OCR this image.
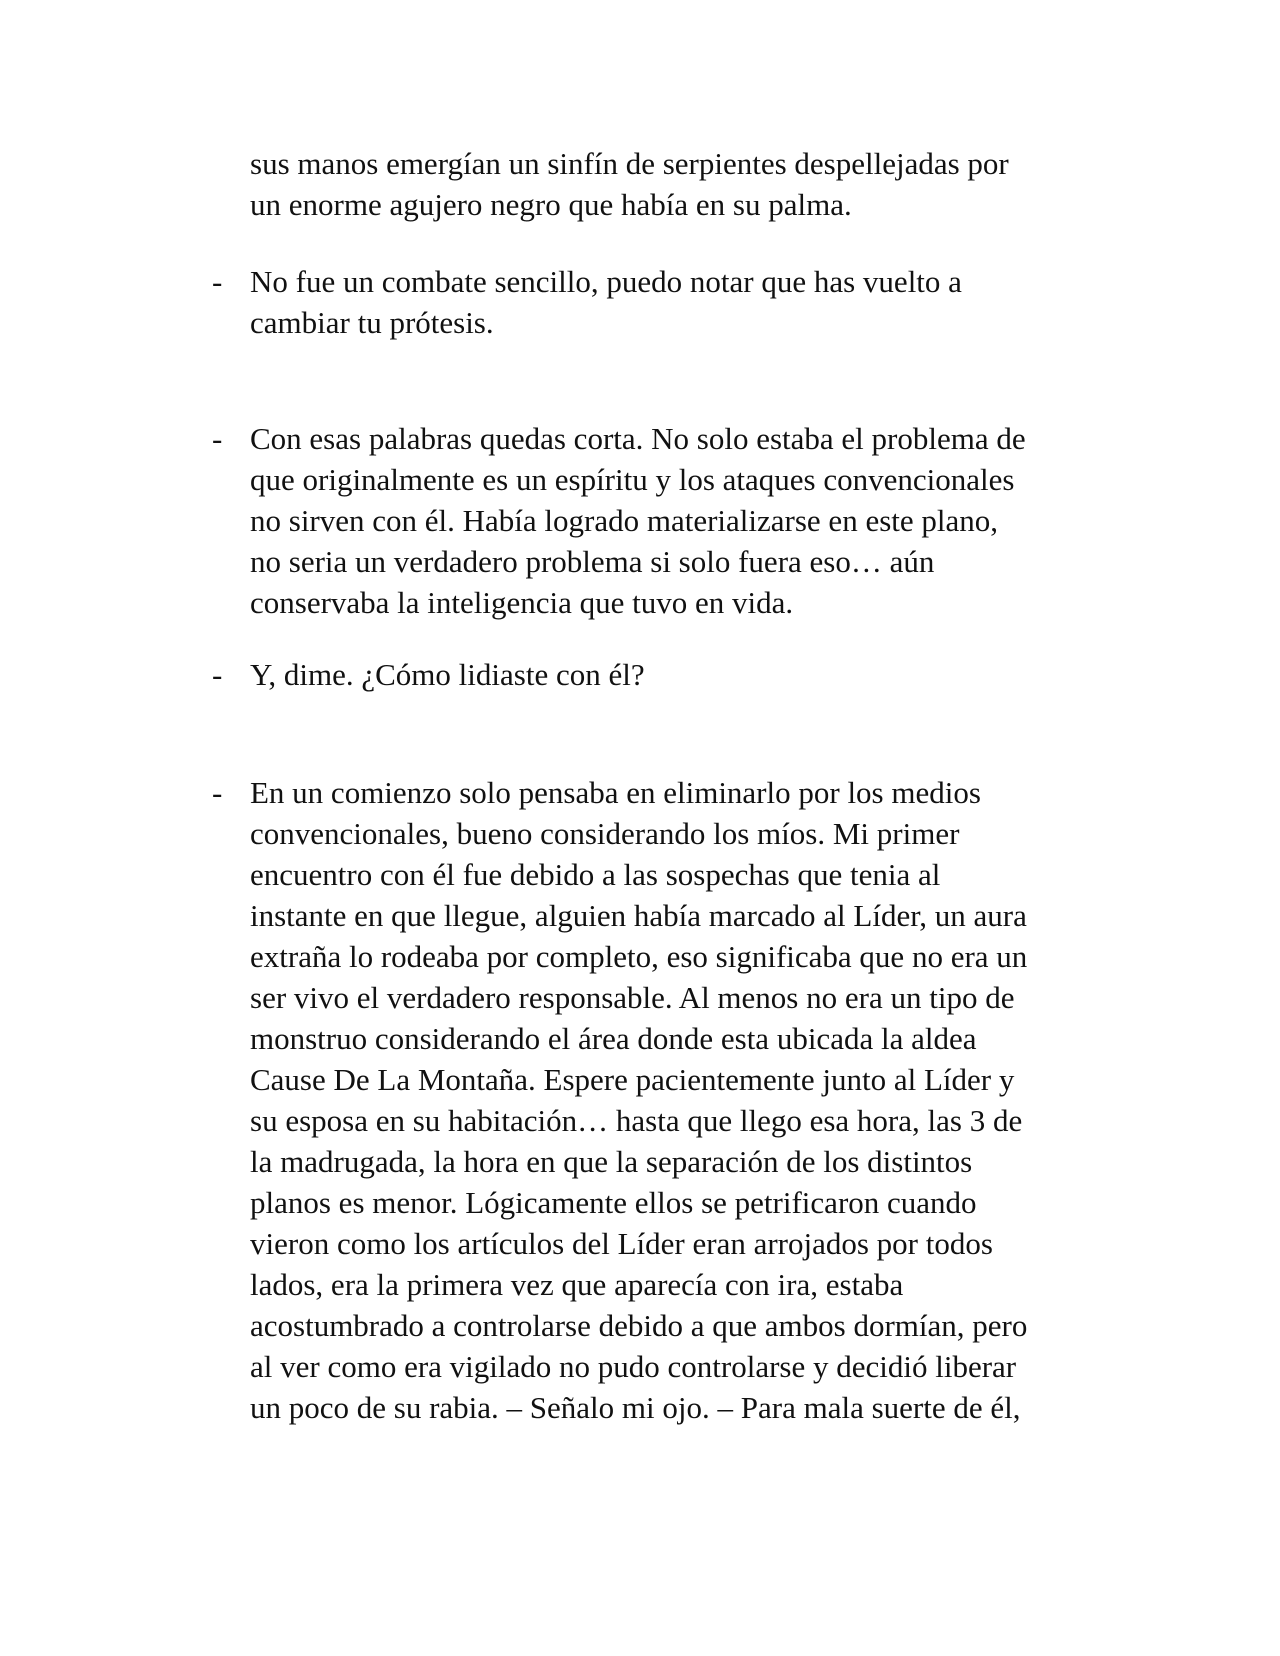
sus manos emergían un sinfín de serpientes despellejadas por
un enorme agujero negro que había en su palma.
- No fue un combate sencillo, puedo notar que has vuelto a
cambiar tu prótesis.
- Con esas palabras quedas corta. No solo estaba el problema de
que originalmente es un espíritu y los ataques convencionales
no sirven con él. Había logrado materializarse en este plano,
no seria un verdadero problema si solo fuera eso… aún
conservaba la inteligencia que tuvo en vida.
- Y, dime. ¿Cómo lidiaste con él?
- En un comienzo solo pensaba en eliminarlo por los medios
convencionales, bueno considerando los míos. Mi primer
encuentro con él fue debido a las sospechas que tenia al
instante en que llegue, alguien había marcado al Líder, un aura
extraña lo rodeaba por completo, eso significaba que no era un
ser vivo el verdadero responsable. Al menos no era un tipo de
monstruo considerando el área donde esta ubicada la aldea
Cause De La Montaña. Espere pacientemente junto al Líder y
su esposa en su habitación… hasta que llego esa hora, las 3 de
la madrugada, la hora en que la separación de los distintos
planos es menor. Lógicamente ellos se petrificaron cuando
vieron como los artículos del Líder eran arrojados por todos
lados, era la primera vez que aparecía con ira, estaba
acostumbrado a controlarse debido a que ambos dormían, pero
al ver como era vigilado no pudo controlarse y decidió liberar
un poco de su rabia. – Señalo mi ojo. – Para mala suerte de él,
